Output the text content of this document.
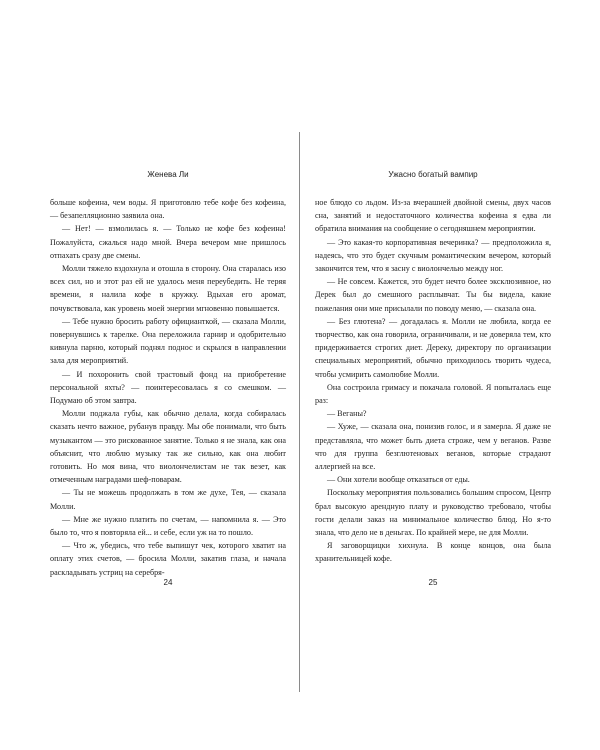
Женева Ли

больше кофеина, чем воды. Я приготовлю тебе кофе без кофеина, — безапелляционно заявила она.

— Нет! — взмолилась я. — Только не кофе без кофеина! Пожалуйста, сжалься надо мной. Вчера вечером мне пришлось отпахать сразу две смены.

Молли тяжело вздохнула и отошла в сторону. Она старалась изо всех сил, но и этот раз ей не удалось меня переубедить. Не теряя времени, я налила кофе в кружку. Вдыхая его аромат, почувствовала, как уровень моей энергии мгновенно повышается.

— Тебе нужно бросить работу официанткой, — сказала Молли, повернувшись к тарелке. Она переложила гарнир и одобрительно кивнула парню, который поднял поднос и скрылся в направлении зала для мероприятий.

— И похоронить свой трастовый фонд на приобретение персональной яхты? — поинтересовалась я со смешком. — Подумаю об этом завтра.

Молли поджала губы, как обычно делала, когда собиралась сказать нечто важное, рубанув правду. Мы обе понимали, что быть музыкантом — это рискованное занятие. Только я не знала, как она объяснит, что люблю музыку так же сильно, как она любит готовить. Но моя вина, что виолончелистам не так везет, как отмеченным наградами шеф-поварам.

— Ты не можешь продолжать в том же духе, Тея, — сказала Молли.

— Мне же нужно платить по счетам, — напомнила я. — Это было то, что я повторяла ей... и себе, если уж на то пошло.

— Что ж, убедись, что тебе выпишут чек, которого хватит на оплату этих счетов, — бросила Молли, закатив глаза, и начала раскладывать устриц на серебря-

24

Ужасно богатый вампир

ное блюдо со льдом. Из-за вчерашней двойной смены, двух часов сна, занятий и недостаточного количества кофеина я едва ли обратила внимания на сообщение о сегодняшнем мероприятии.

— Это какая-то корпоративная вечеринка? — предположила я, надеясь, что это будет скучным романтическим вечером, который закончится тем, что я засну с виолончелью между ног.

— Не совсем. Кажется, это будет нечто более эксклюзивное, но Дерек был до смешного расплывчат. Ты бы видела, какие пожелания они мне присылали по поводу меню, — сказала она.

— Без глютена? — догадалась я. Молли не любила, когда ее творчество, как она говорила, ограничивали, и не доверяла тем, кто придерживается строгих диет. Дереку, директору по организации специальных мероприятий, обычно приходилось творить чудеса, чтобы усмирить самолюбие Молли.

Она состроила гримасу и покачала головой. Я попыталась еще раз:

— Веганы?

— Хуже, — сказала она, понизив голос, и я замерла. Я даже не представляла, что может быть диета строже, чем у веганов. Разве что для группа безглютеновых веганов, которые страдают аллергией на все.

— Они хотели вообще отказаться от еды.

Поскольку мероприятия пользовались большим спросом, Центр брал высокую арендную плату и руководство требовало, чтобы гости делали заказ на минимальное количество блюд. Но я-то знала, что дело не в деньгах. По крайней мере, не для Молли.

Я заговорщицки хихнула. В конце концов, она была хранительницей кофе.

25
